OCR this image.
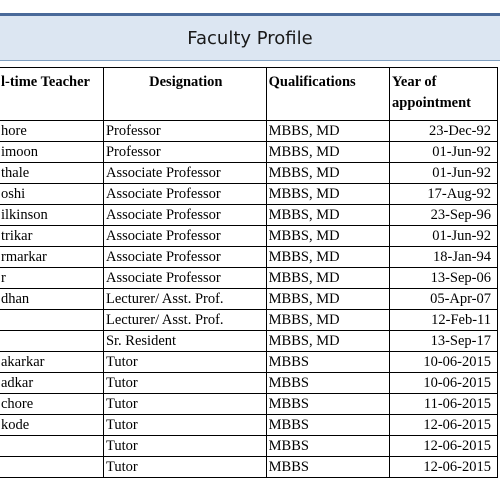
Faculty Profile
l-time Teacher	Designation	Qualifications	Year of appointment
hore	Professor	MBBS, MD	23-Dec-92
imoon	Professor	MBBS, MD	01-Jun-92
thale	Associate Professor	MBBS, MD	01-Jun-92
oshi	Associate Professor	MBBS, MD	17-Aug-92
ilkinson	Associate Professor	MBBS, MD	23-Sep-96
trikar	Associate Professor	MBBS, MD	01-Jun-92
rmarkar	Associate Professor	MBBS, MD	18-Jan-94
r	Associate Professor	MBBS, MD	13-Sep-06
dhan	Lecturer/ Asst. Prof.	MBBS, MD	05-Apr-07
	Lecturer/ Asst. Prof.	MBBS, MD	12-Feb-11
	Sr. Resident	MBBS, MD	13-Sep-17
akarkar	Tutor	MBBS	10-06-2015
adkar	Tutor	MBBS	10-06-2015
chore	Tutor	MBBS	11-06-2015
kode	Tutor	MBBS	12-06-2015
	Tutor	MBBS	12-06-2015
	Tutor	MBBS	12-06-2015
